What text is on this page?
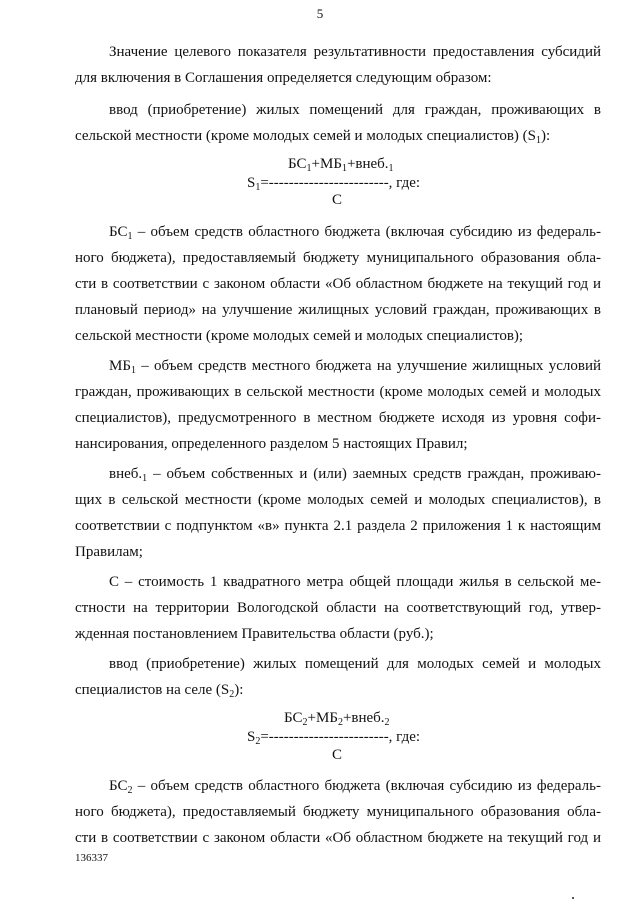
5
Значение целевого показателя результативности предоставления субсидий
для включения в Соглашения определяется следующим образом:
ввод (приобретение) жилых помещений для граждан, проживающих в
сельской местности (кроме молодых семей и молодых специалистов) $(S_1)$:
$БС_1+МБ_1+внеб._1$
$S_1=------------------------$, где:
С
$БС_1$ – объем средств областного бюджета (включая субсидию из федераль-
ного бюджета), предоставляемый бюджету муниципального образования обла-
сти в соответствии с законом области «Об областном бюджете на текущий год и
плановый период» на улучшение жилищных условий граждан, проживающих в
сельской местности (кроме молодых семей и молодых специалистов);
$МБ_1$ – объем средств местного бюджета на улучшение жилищных условий
граждан, проживающих в сельской местности (кроме молодых семей и молодых
специалистов), предусмотренного в местном бюджете исходя из уровня софи-
нансирования, определенного разделом 5 настоящих Правил;
$внеб._1$ – объем собственных и (или) заемных средств граждан, проживаю-
щих в сельской местности (кроме молодых семей и молодых специалистов), в
соответствии с подпунктом «в» пункта 2.1 раздела 2 приложения 1 к настоящим
Правилам;
С – стоимость 1 квадратного метра общей площади жилья в сельской ме-
стности на территории Вологодской области на соответствующий год, утвер-
жденная постановлением Правительства области (руб.);
ввод (приобретение) жилых помещений для молодых семей и молодых
специалистов на селе $(S_2)$:
$БС_2+МБ_2+внеб._2$
$S_2=------------------------$, где:
С
$БС_2$ – объем средств областного бюджета (включая субсидию из федераль-
ного бюджета), предоставляемый бюджету муниципального образования обла-
сти в соответствии с законом области «Об областном бюджете на текущий год и
136337
